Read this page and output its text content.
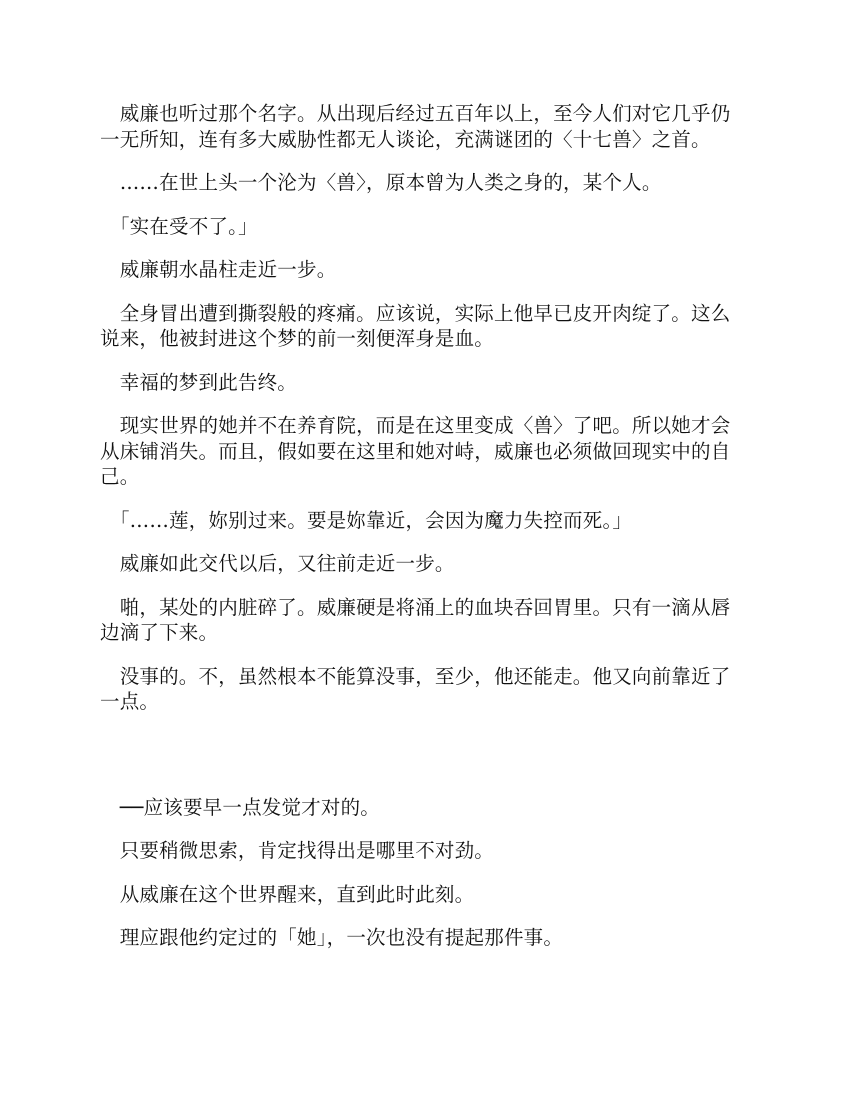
　威廉也听过那个名字。从出现后经过五百年以上，至今人们对它几乎仍一无所知，连有多大威胁性都无人谈论，充满谜团的〈十七兽〉之首。

　……在世上头一个沦为〈兽〉，原本曾为人类之身的，某个人。

　「实在受不了。」

　威廉朝水晶柱走近一步。

　全身冒出遭到撕裂般的疼痛。应该说，实际上他早已皮开肉绽了。这么说来，他被封进这个梦的前一刻便浑身是血。

　幸福的梦到此告终。

　现实世界的她并不在养育院，而是在这里变成〈兽〉了吧。所以她才会从床铺消失。而且，假如要在这里和她对峙，威廉也必须做回现实中的自己。

　「……莲，妳别过来。要是妳靠近，会因为魔力失控而死。」

　威廉如此交代以后，又往前走近一步。

　啪，某处的内脏碎了。威廉硬是将涌上的血块吞回胃里。只有一滴从唇边滴了下来。

　没事的。不，虽然根本不能算没事，至少，他还能走。他又向前靠近了一点。

　──应该要早一点发觉才对的。

　只要稍微思索，肯定找得出是哪里不对劲。

　从威廉在这个世界醒来，直到此时此刻。

　理应跟他约定过的「她」，一次也没有提起那件事。
